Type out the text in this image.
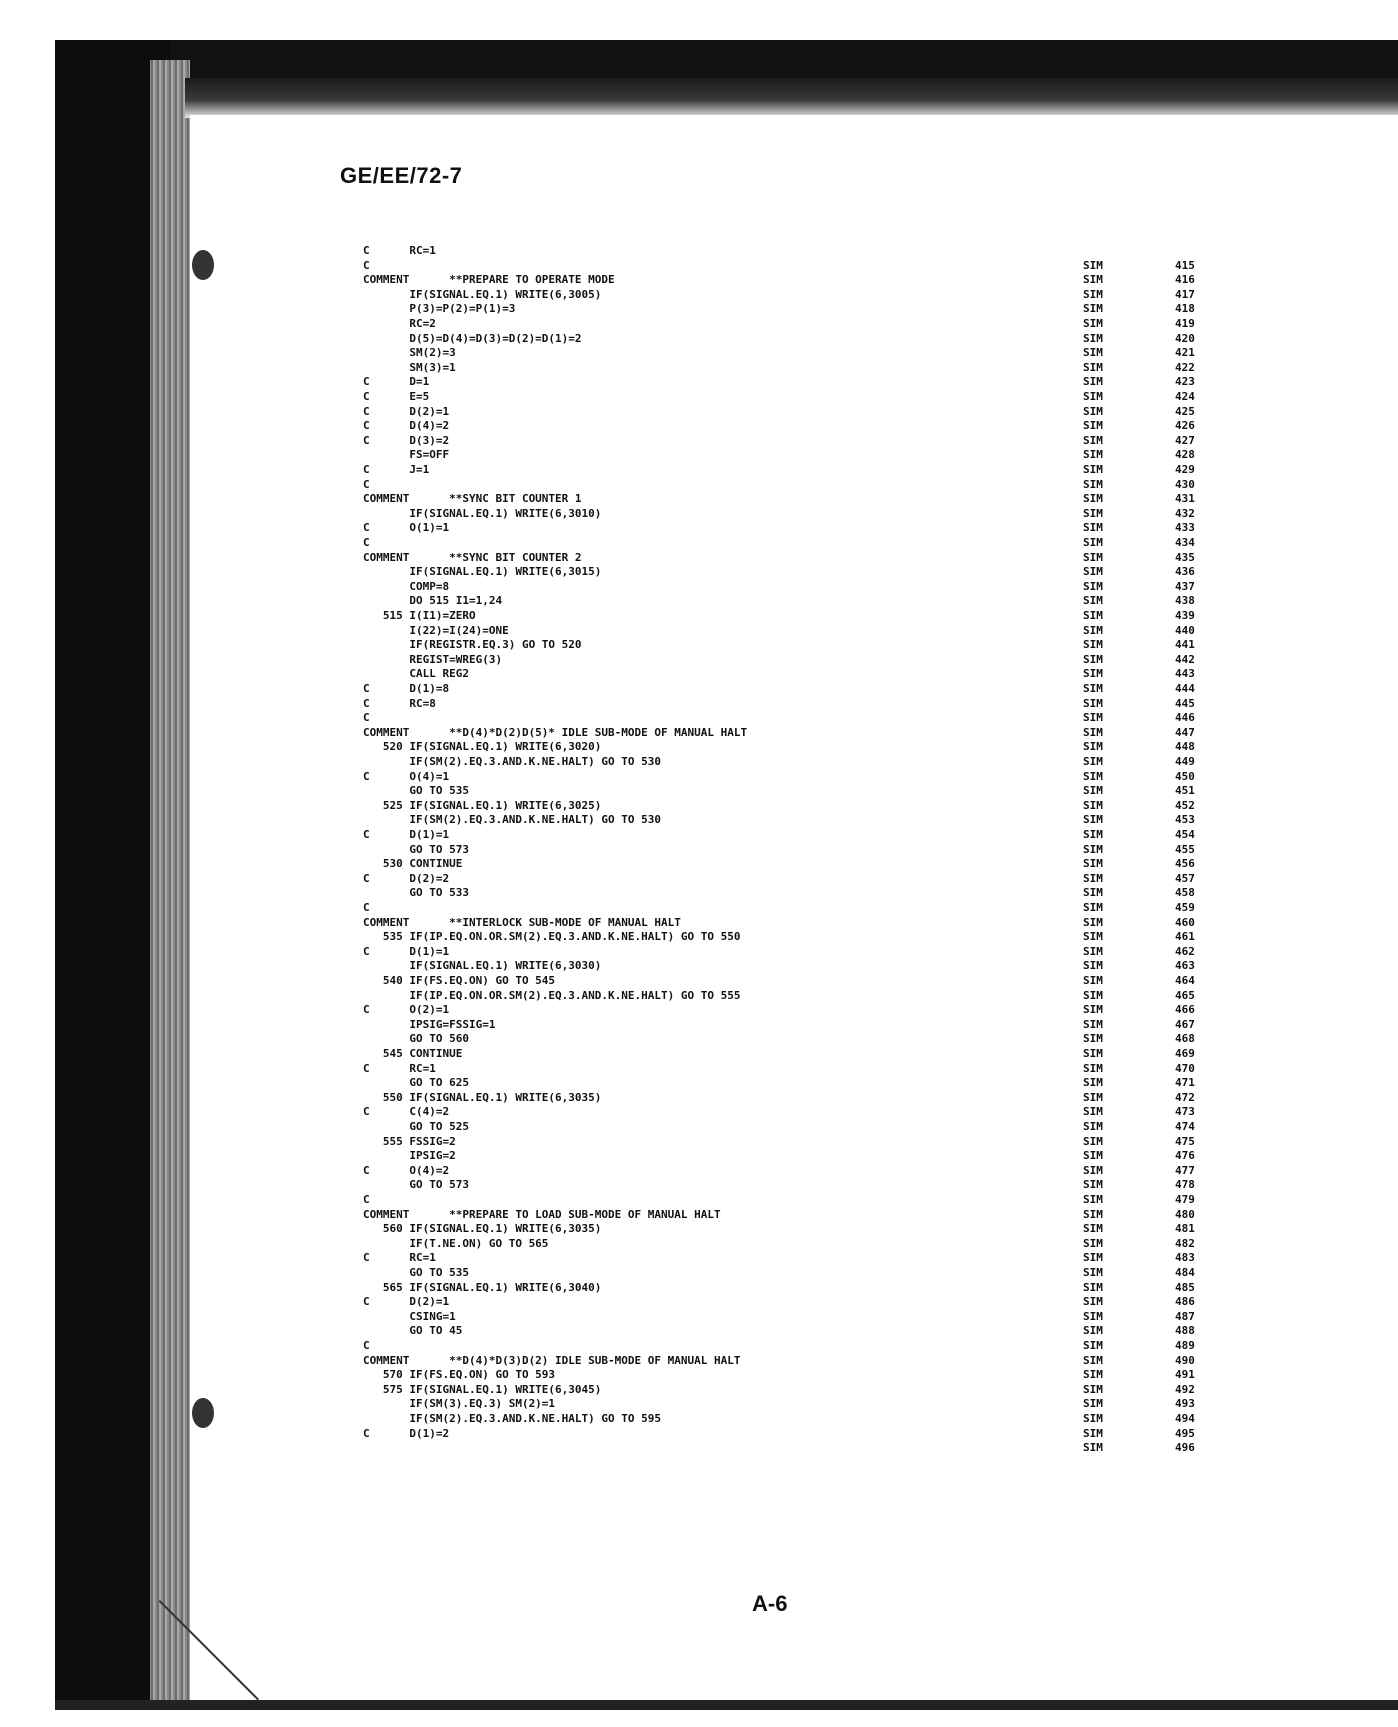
GE/EE/72-7
C      RC=1
C	SIM	415
COMMENT      **PREPARE TO OPERATE MODE	SIM	416
IF(SIGNAL.EQ.1) WRITE(6,3005)	SIM	417
P(3)=P(2)=P(1)=3	SIM	418
RC=2	SIM	419
D(5)=D(4)=D(3)=D(2)=D(1)=2	SIM	420
SM(2)=3	SIM	421
SM(3)=1	SIM	422
C      D=1	SIM	423
C      E=5	SIM	424
C      D(2)=1	SIM	425
C      D(4)=2	SIM	426
C      D(3)=2	SIM	427
FS=OFF	SIM	428
C      J=1	SIM	429
C	SIM	430
COMMENT      **SYNC BIT COUNTER 1	SIM	431
IF(SIGNAL.EQ.1) WRITE(6,3010)	SIM	432
C      O(1)=1	SIM	433
C	SIM	434
COMMENT      **SYNC BIT COUNTER 2	SIM	435
IF(SIGNAL.EQ.1) WRITE(6,3015)	SIM	436
COMP=8	SIM	437
DO 515 I1=1,24	SIM	438
515 I(I1)=ZERO	SIM	439
I(22)=I(24)=ONE	SIM	440
IF(REGISTR.EQ.3) GO TO 520	SIM	441
REGIST=WREG(3)	SIM	442
CALL REG2	SIM	443
C      D(1)=8	SIM	444
C      RC=8	SIM	445
C	SIM	446
COMMENT      **D(4)*D(2)D(5)* IDLE SUB-MODE OF MANUAL HALT	SIM	447
520 IF(SIGNAL.EQ.1) WRITE(6,3020)	SIM	448
IF(SM(2).EQ.3.AND.K.NE.HALT) GO TO 530	SIM	449
C      O(4)=1	SIM	450
GO TO 535	SIM	451
525 IF(SIGNAL.EQ.1) WRITE(6,3025)	SIM	452
IF(SM(2).EQ.3.AND.K.NE.HALT) GO TO 530	SIM	453
C      D(1)=1	SIM	454
GO TO 573	SIM	455
530 CONTINUE	SIM	456
C      D(2)=2	SIM	457
GO TO 533	SIM	458
C	SIM	459
COMMENT      **INTERLOCK SUB-MODE OF MANUAL HALT	SIM	460
535 IF(IP.EQ.ON.OR.SM(2).EQ.3.AND.K.NE.HALT) GO TO 550	SIM	461
C      D(1)=1	SIM	462
IF(SIGNAL.EQ.1) WRITE(6,3030)	SIM	463
540 IF(FS.EQ.ON) GO TO 545	SIM	464
IF(IP.EQ.ON.OR.SM(2).EQ.3.AND.K.NE.HALT) GO TO 555	SIM	465
C      O(2)=1	SIM	466
IPSIG=FSSIG=1	SIM	467
GO TO 560	SIM	468
545 CONTINUE	SIM	469
C      RC=1	SIM	470
GO TO 625	SIM	471
550 IF(SIGNAL.EQ.1) WRITE(6,3035)	SIM	472
C      C(4)=2	SIM	473
GO TO 525	SIM	474
555 FSSIG=2	SIM	475
IPSIG=2	SIM	476
C      O(4)=2	SIM	477
GO TO 573	SIM	478
C	SIM	479
COMMENT      **PREPARE TO LOAD SUB-MODE OF MANUAL HALT	SIM	480
560 IF(SIGNAL.EQ.1) WRITE(6,3035)	SIM	481
IF(T.NE.ON) GO TO 565	SIM	482
C      RC=1	SIM	483
GO TO 535	SIM	484
565 IF(SIGNAL.EQ.1) WRITE(6,3040)	SIM	485
C      D(2)=1	SIM	486
CSING=1	SIM	487
GO TO 45	SIM	488
C	SIM	489
COMMENT      **D(4)*D(3)D(2) IDLE SUB-MODE OF MANUAL HALT	SIM	490
570 IF(FS.EQ.ON) GO TO 593	SIM	491
575 IF(SIGNAL.EQ.1) WRITE(6,3045)	SIM	492
IF(SM(3).EQ.3) SM(2)=1	SIM	493
IF(SM(2).EQ.3.AND.K.NE.HALT) GO TO 595	SIM	494
C      D(1)=2	SIM	495
SIM	496
A-6
